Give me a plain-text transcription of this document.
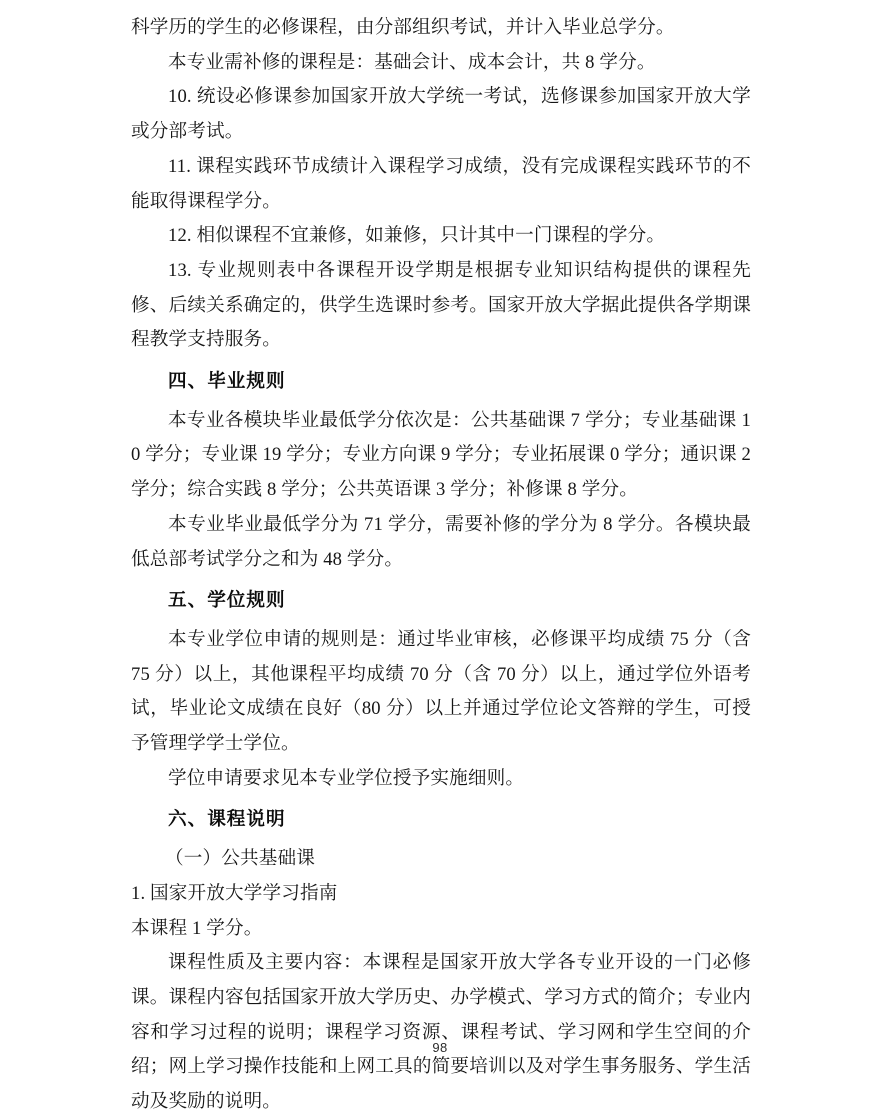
科学历的学生的必修课程，由分部组织考试，并计入毕业总学分。

本专业需补修的课程是：基础会计、成本会计，共 8 学分。

10. 统设必修课参加国家开放大学统一考试，选修课参加国家开放大学或分部考试。

11. 课程实践环节成绩计入课程学习成绩，没有完成课程实践环节的不能取得课程学分。

12. 相似课程不宜兼修，如兼修，只计其中一门课程的学分。

13. 专业规则表中各课程开设学期是根据专业知识结构提供的课程先修、后续关系确定的，供学生选课时参考。国家开放大学据此提供各学期课程教学支持服务。

四、毕业规则

本专业各模块毕业最低学分依次是：公共基础课 7 学分；专业基础课 10 学分；专业课 19 学分；专业方向课 9 学分；专业拓展课 0 学分；通识课 2 学分；综合实践 8 学分；公共英语课 3 学分；补修课 8 学分。

本专业毕业最低学分为 71 学分，需要补修的学分为 8 学分。各模块最低总部考试学分之和为 48 学分。

五、学位规则

本专业学位申请的规则是：通过毕业审核，必修课平均成绩 75 分（含 75 分）以上，其他课程平均成绩 70 分（含 70 分）以上，通过学位外语考试，毕业论文成绩在良好（80 分）以上并通过学位论文答辩的学生，可授予管理学学士学位。

学位申请要求见本专业学位授予实施细则。

六、课程说明

（一）公共基础课

1. 国家开放大学学习指南

本课程 1 学分。

课程性质及主要内容：本课程是国家开放大学各专业开设的一门必修课。课程内容包括国家开放大学历史、办学模式、学习方式的简介；专业内容和学习过程的说明；课程学习资源、课程考试、学习网和学生空间的介绍；网上学习操作技能和上网工具的简要培训以及对学生事务服务、学生活动及奖励的说明。

98
